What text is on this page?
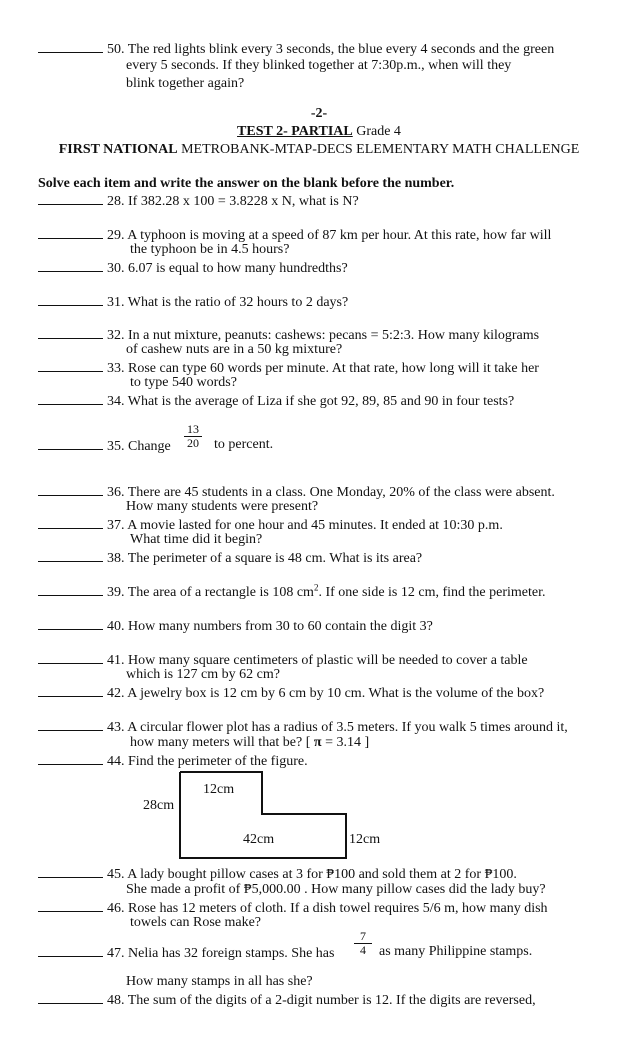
50. The red lights blink every 3 seconds, the blue every 4 seconds and the green
every 5 seconds. If they blinked together at 7:30p.m., when will they
blink together again?
-2-
TEST 2- PARTIAL Grade 4
FIRST NATIONAL METROBANK-MTAP-DECS ELEMENTARY MATH CHALLENGE
Solve each item and write the answer on the blank before the number.
28. If 382.28 x 100 = 3.8228 x N, what is N?
29. A typhoon is moving at a speed of 87 km per hour. At this rate, how far will
the typhoon be in 4.5 hours?
30. 6.07 is equal to how many hundredths?
31. What is the ratio of 32 hours to 2 days?
32. In a nut mixture, peanuts: cashews: pecans = 5:2:3. How many kilograms
of cashew nuts are in a 50 kg mixture?
33. Rose can type 60 words per minute. At that rate, how long will it take her
to type 540 words?
34. What is the average of Liza if she got 92, 89, 85 and 90 in four tests?
35. Change	$\frac{13}{20}$ to percent.
36. There are 45 students in a class. One Monday, 20% of the class were absent.
How many students were present?
37. A movie lasted for one hour and 45 minutes. It ended at 10:30 p.m.
What time did it begin?
38. The perimeter of a square is 48 cm. What is its area?
39. The area of a rectangle is 108 $cm^2$. If one side is 12 cm, find the perimeter.
40. How many numbers from 30 to 60 contain the digit 3?
41. How many square centimeters of plastic will be needed to cover a table
which is 127 cm by 62 cm?
42. A jewelry box is 12 cm by 6 cm by 10 cm. What is the volume of the box?
43. A circular flower plot has a radius of 3.5 meters. If you walk 5 times around it,
how many meters will that be? [ π = 3.14 ]
44. Find the perimeter of the figure.
12cm
28cm
42cm	12cm
45. A lady bought pillow cases at 3 for ₱100 and sold them at 2 for ₱100.
She made a profit of ₱5,000.00 . How many pillow cases did the lady buy?
46. Rose has 12 meters of cloth. If a dish towel requires 5/6 m, how many dish
towels can Rose make?
47. Nelia has 32 foreign stamps. She has	$\frac{7}{4}$ as many Philippine stamps.
How many stamps in all has she?
48. The sum of the digits of a 2-digit number is 12. If the digits are reversed,
